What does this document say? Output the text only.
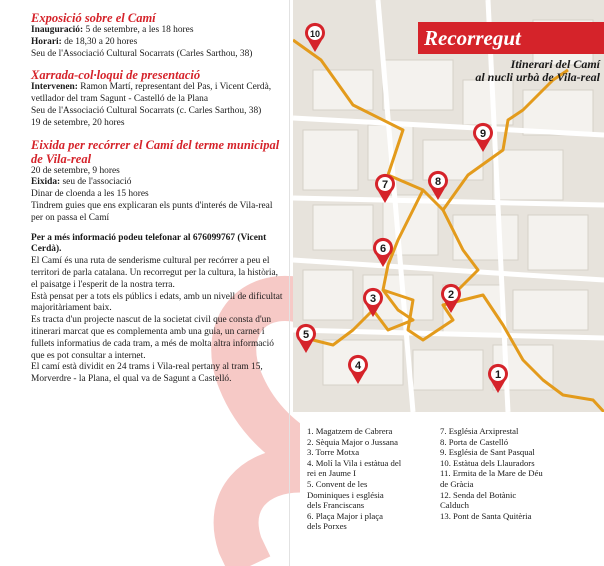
Exposició sobre el Camí

Inauguració: 5 de setembre, a les 18 hores

Horari: de 18,30 a 20 hores

Seu de l'Associació Cultural Socarrats (Carles Sarthou, 38)

Xarrada-col·loqui de presentació

Intervenen: Ramon Martí, representant del Pas, i Vicent Cerdà, vetllador del tram Sagunt - Castelló de la Plana

Seu de l'Associació Cultural Socarrats (c. Carles Sarthou, 38)

19 de setembre, 20 hores

Eixida per recórrer el Camí del terme municipal de Vila-real

20 de setembre, 9 hores

Eixida: seu de l'associació

Dinar de cloenda a les 15 hores

Tindrem guies que ens explicaran els punts d'interés de Vila-real per on passa el Camí

Per a més informació podeu telefonar al 676099767 (Vicent Cerdà).

El Camí és una ruta de senderisme cultural per recórrer a peu el territori de parla catalana. Un recorregut per la cultura, la història, el paisatge i l'esperit de la nostra terra.

Està pensat per a tots els públics i edats, amb un nivell de dificultat majoritàriament baix.

Es tracta d'un projecte nascut de la societat civil que consta d'un itinerari marcat que es complementa amb una guia, un carnet i fullets informatius de cada tram, a més de molta altra informació que es pot consultar a internet.

El camí està dividit en 24 trams i Vila-real pertany al tram 15, Morverdre - la Plana, el qual va de Sagunt a Castelló.

10
9
8
7
6
3	2
5
4
1
Recorregut
Itinerari del Camí
al nucli urbà de Vila-real
1. Magatzem de Cabrera
2. Sèquia Major o Jussana
3. Torre Motxa
4. Molí la Vila i estàtua del
rei en Jaume I
5. Convent de les
Dominiques i església
dels Franciscans
6. Plaça Major i plaça
dels Porxes
7. Església Arxiprestal
8. Porta de Castelló
9. Església de Sant Pasqual
10. Estàtua dels Llauradors
11. Ermita de la Mare de Déu
de Gràcia
12. Senda del Botànic
Calduch
13. Pont de Santa Quitèria
